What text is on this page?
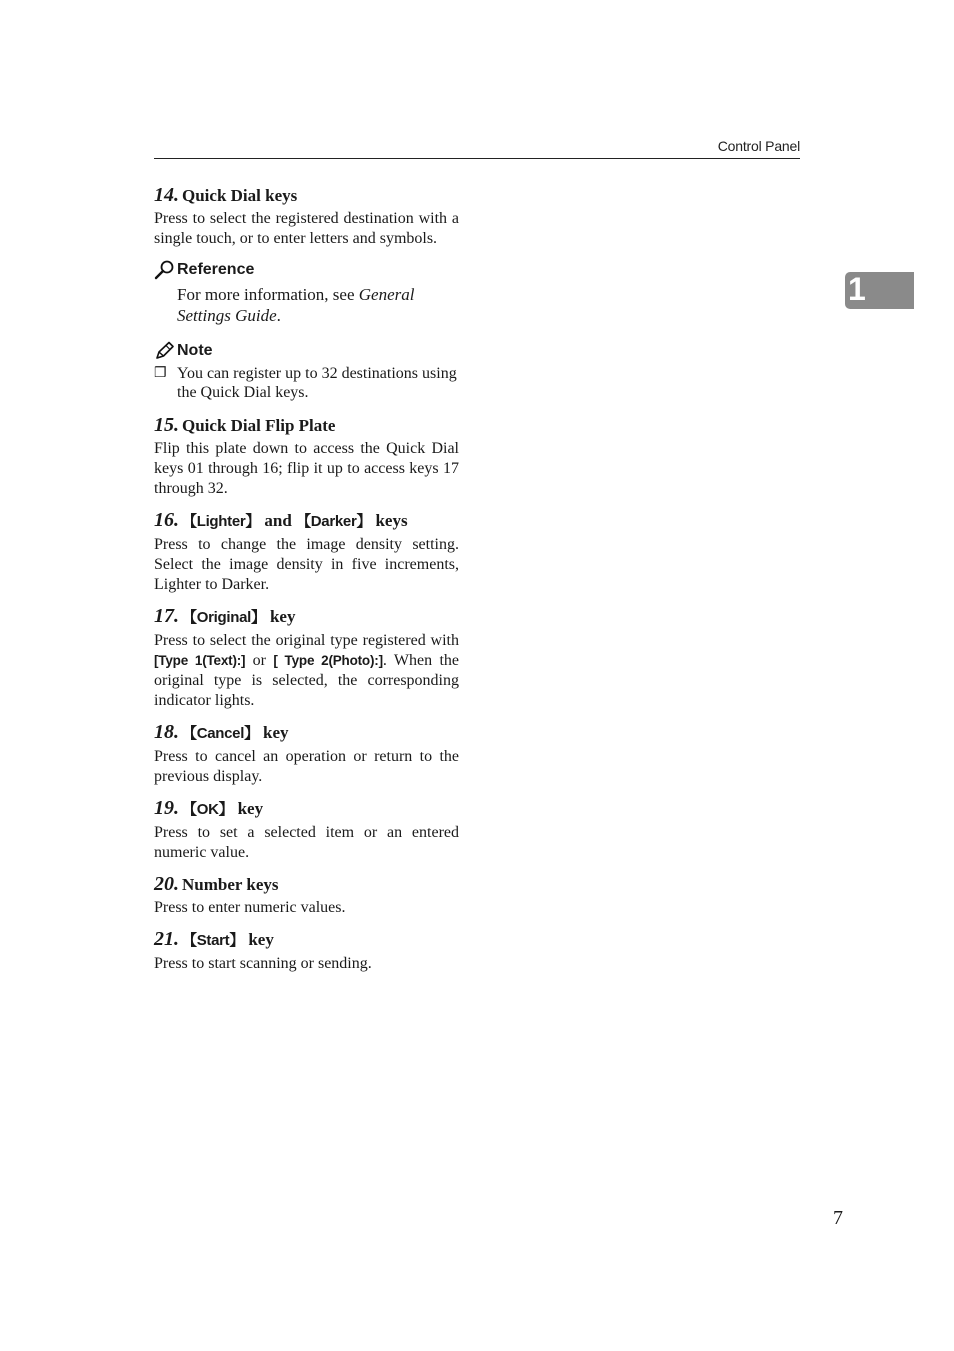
Control Panel
1
14. Quick Dial keys
Press to select the registered destination with a single touch, or to enter letters and symbols.
Reference
For more information, see General Settings Guide.
Note
❒ You can register up to 32 destinations using the Quick Dial keys.
15. Quick Dial Flip Plate
Flip this plate down to access the Quick Dial keys 01 through 16; flip it up to access keys 17 through 32.
16. 【Lighter】 and 【Darker】 keys
Press to change the image density setting. Select the image density in five increments, Lighter to Darker.
17. 【Original】 key
Press to select the original type registered with [Type 1(Text):] or [ Type 2(Photo):]. When the original type is selected, the corresponding indicator lights.
18. 【Cancel】 key
Press to cancel an operation or return to the previous display.
19. 【OK】 key
Press to set a selected item or an entered numeric value.
20. Number keys
Press to enter numeric values.
21. 【Start】 key
Press to start scanning or sending.
7
